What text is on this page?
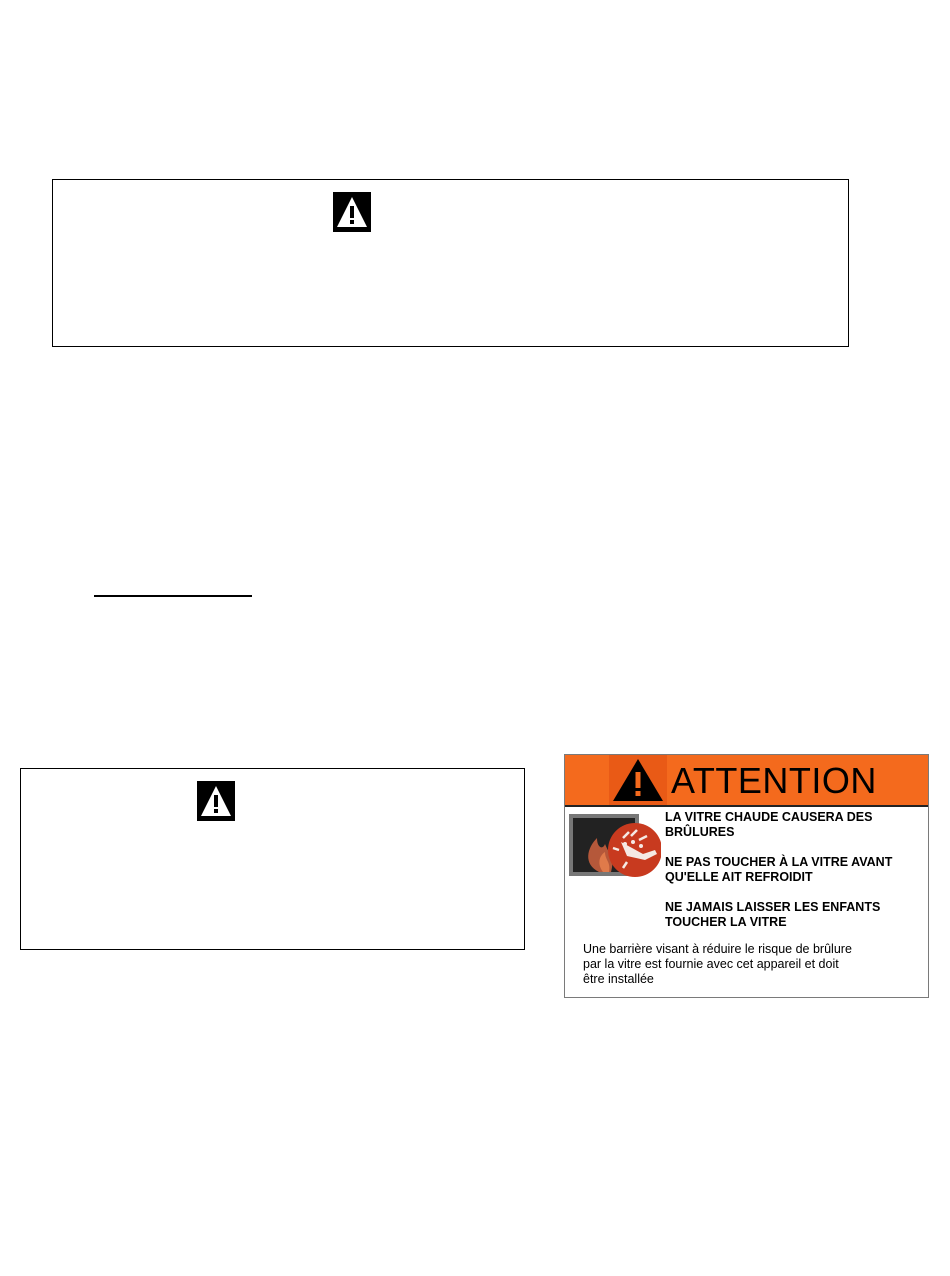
ATTENTION
LA VITRE CHAUDE CAUSERA DES
BRÛLURES
NE PAS TOUCHER À LA VITRE AVANT
QU'ELLE AIT REFROIDIT
NE JAMAIS LAISSER LES ENFANTS
TOUCHER LA VITRE
Une barrière visant à réduire le risque de brûlure
par la vitre est fournie avec cet appareil et doit
être installée
